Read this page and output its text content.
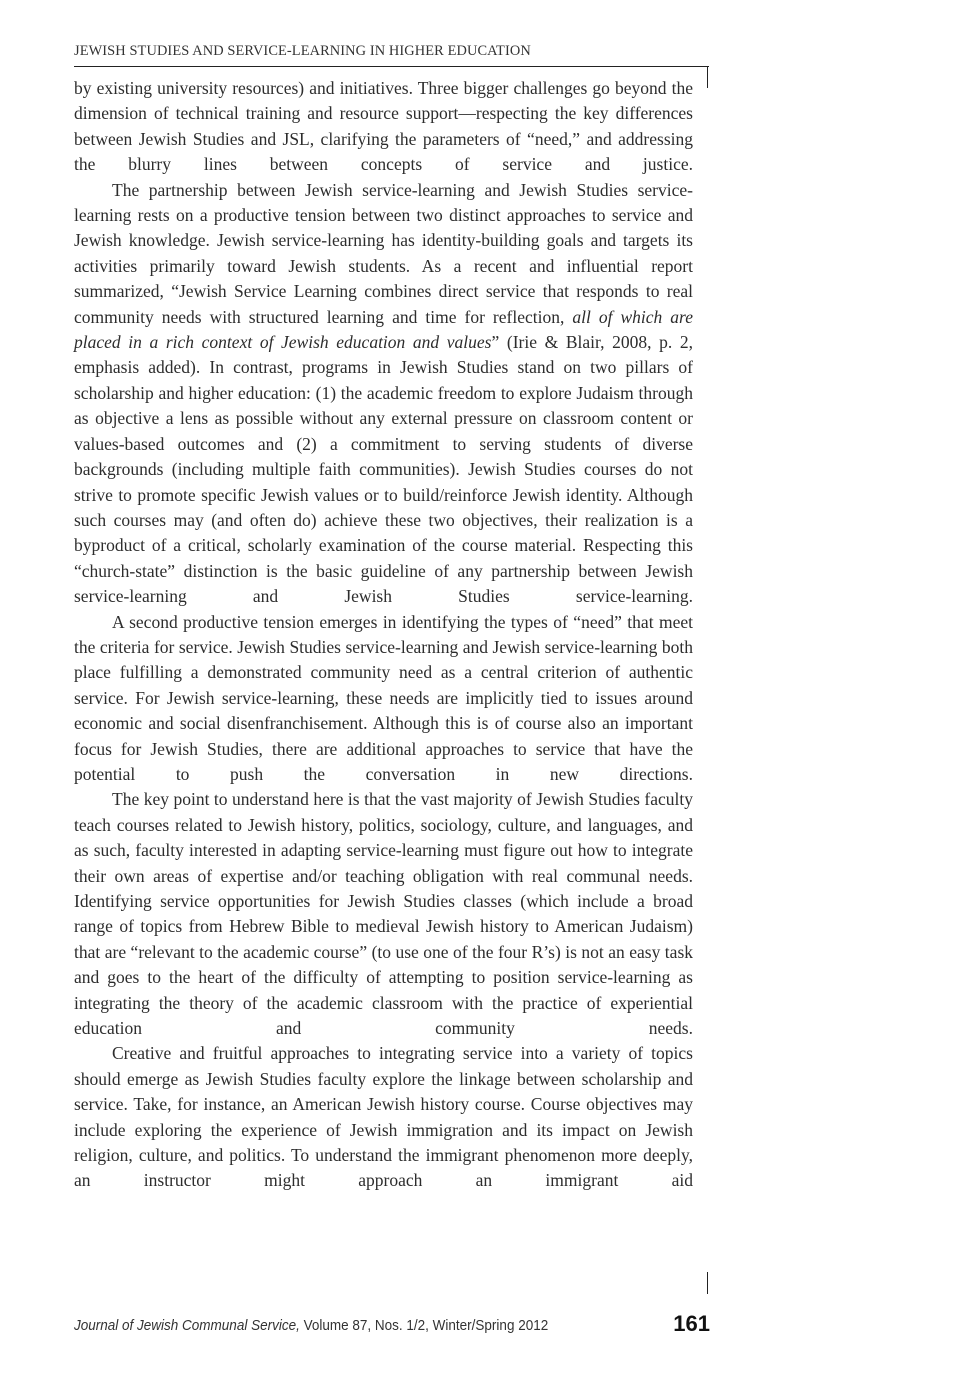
JEWISH STUDIES AND SERVICE-LEARNING IN HIGHER EDUCATION

by existing university resources) and initiatives. Three bigger challenges go beyond the dimension of technical training and resource support—respecting the key differences between Jewish Studies and JSL, clarifying the parameters of “need,” and addressing the blurry lines between concepts of service and justice.

The partnership between Jewish service-learning and Jewish Studies service-learning rests on a productive tension between two distinct approaches to service and Jewish knowledge. Jewish service-learning has identity-building goals and targets its activities primarily toward Jewish students. As a recent and influential report summarized, “Jewish Service Learning combines direct service that responds to real community needs with structured learning and time for reflection, all of which are placed in a rich context of Jewish education and values” (Irie & Blair, 2008, p. 2, emphasis added). In contrast, programs in Jewish Studies stand on two pillars of scholarship and higher education: (1) the academic freedom to explore Judaism through as objective a lens as possible without any external pressure on classroom content or values-based outcomes and (2) a commitment to serving students of diverse backgrounds (including multiple faith communities). Jewish Studies courses do not strive to promote specific Jewish values or to build/reinforce Jewish identity. Although such courses may (and often do) achieve these two objectives, their realization is a byproduct of a critical, scholarly examination of the course material. Respecting this “church-state” distinction is the basic guideline of any partnership between Jewish service-learning and Jewish Studies service-learning.

A second productive tension emerges in identifying the types of “need” that meet the criteria for service. Jewish Studies service-learning and Jewish service-learning both place fulfilling a demonstrated community need as a central criterion of authentic service. For Jewish service-learning, these needs are implicitly tied to issues around economic and social disenfranchisement. Although this is of course also an important focus for Jewish Studies, there are additional approaches to service that have the potential to push the conversation in new directions.

The key point to understand here is that the vast majority of Jewish Studies faculty teach courses related to Jewish history, politics, sociology, culture, and languages, and as such, faculty interested in adapting service-learning must figure out how to integrate their own areas of expertise and/or teaching obligation with real communal needs. Identifying service opportunities for Jewish Studies classes (which include a broad range of topics from Hebrew Bible to medieval Jewish history to American Judaism) that are “relevant to the academic course” (to use one of the four R’s) is not an easy task and goes to the heart of the difficulty of attempting to position service-learning as integrating the theory of the academic classroom with the practice of experiential education and community needs.

Creative and fruitful approaches to integrating service into a variety of topics should emerge as Jewish Studies faculty explore the linkage between scholarship and service. Take, for instance, an American Jewish history course. Course objectives may include exploring the experience of Jewish immigration and its impact on Jewish religion, culture, and politics. To understand the immigrant phenomenon more deeply, an instructor might approach an immigrant aid

Journal of Jewish Communal Service, Volume 87, Nos. 1/2, Winter/Spring 2012	161
